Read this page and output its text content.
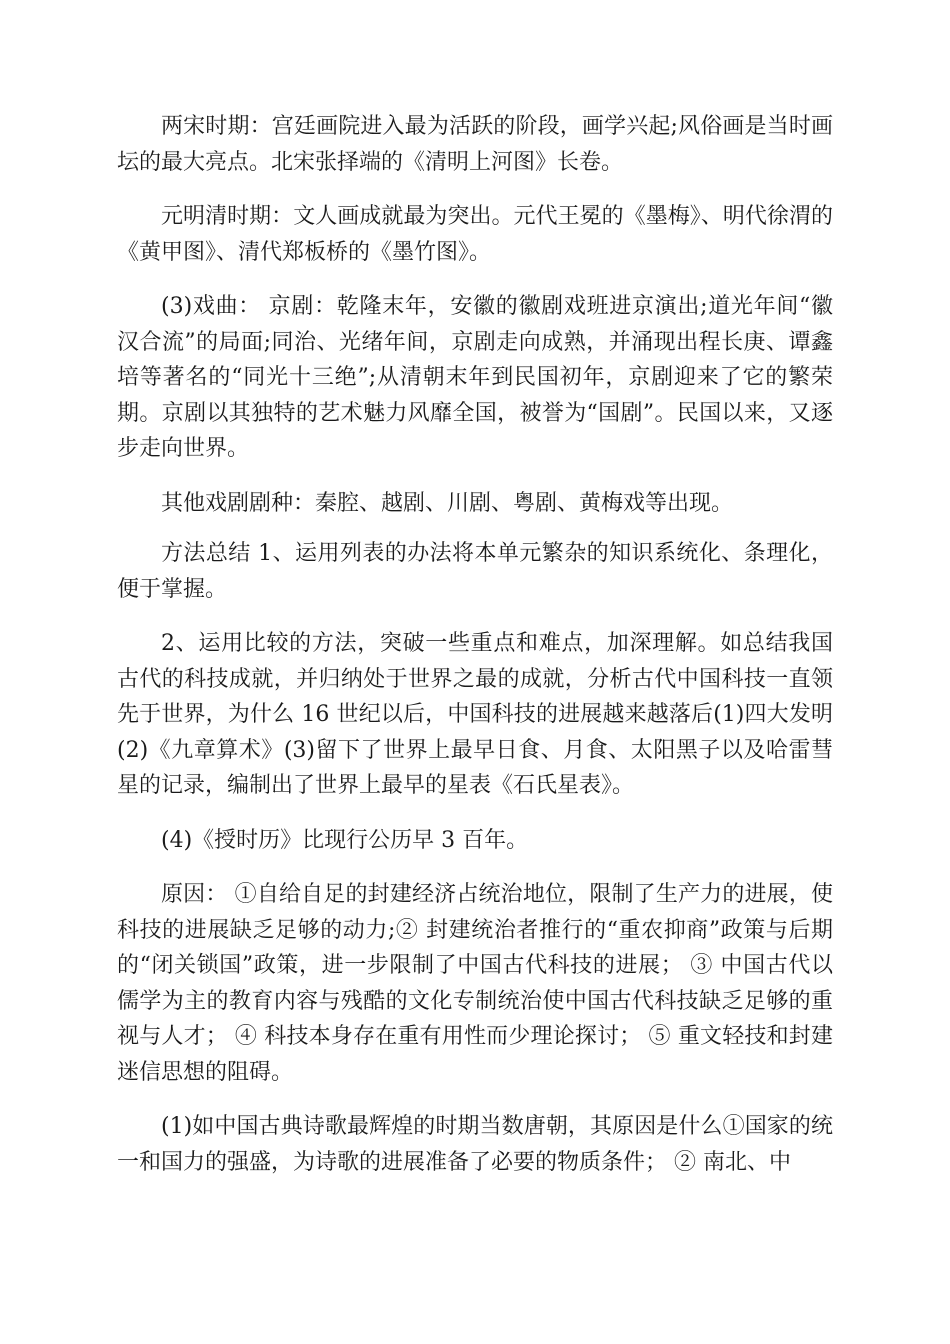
两宋时期：宫廷画院进入最为活跃的阶段，画学兴起;风俗画是当时画坛的最大亮点。北宋张择端的《清明上河图》长卷。

元明清时期：文人画成就最为突出。元代王冕的《墨梅》、明代徐渭的《黄甲图》、清代郑板桥的《墨竹图》。

(3)戏曲： 京剧：乾隆末年，安徽的徽剧戏班进京演出;道光年间“徽汉合流”的局面;同治、光绪年间，京剧走向成熟，并涌现出程长庚、谭鑫培等著名的“同光十三绝”;从清朝末年到民国初年，京剧迎来了它的繁荣期。京剧以其独特的艺术魅力风靡全国，被誉为“国剧”。民国以来，又逐步走向世界。

其他戏剧剧种：秦腔、越剧、川剧、粤剧、黄梅戏等出现。

方法总结 1、运用列表的办法将本单元繁杂的知识系统化、条理化，便于掌握。

2、运用比较的方法，突破一些重点和难点，加深理解。如总结我国古代的科技成就，并归纳处于世界之最的成就，分析古代中国科技一直领先于世界，为什么 16 世纪以后，中国科技的进展越来越落后(1)四大发明 (2)《九章算术》(3)留下了世界上最早日食、月食、太阳黑子以及哈雷彗星的记录，编制出了世界上最早的星表《石氏星表》。

(4)《授时历》比现行公历早 3 百年。

原因： ①自给自足的封建经济占统治地位，限制了生产力的进展，使科技的进展缺乏足够的动力;② 封建统治者推行的“重农抑商”政策与后期的“闭关锁国”政策，进一步限制了中国古代科技的进展； ③ 中国古代以儒学为主的教育内容与残酷的文化专制统治使中国古代科技缺乏足够的重视与人才； ④ 科技本身存在重有用性而少理论探讨； ⑤ 重文轻技和封建迷信思想的阻碍。

(1)如中国古典诗歌最辉煌的时期当数唐朝，其原因是什么①国家的统一和国力的强盛，为诗歌的进展准备了必要的物质条件； ② 南北、中
